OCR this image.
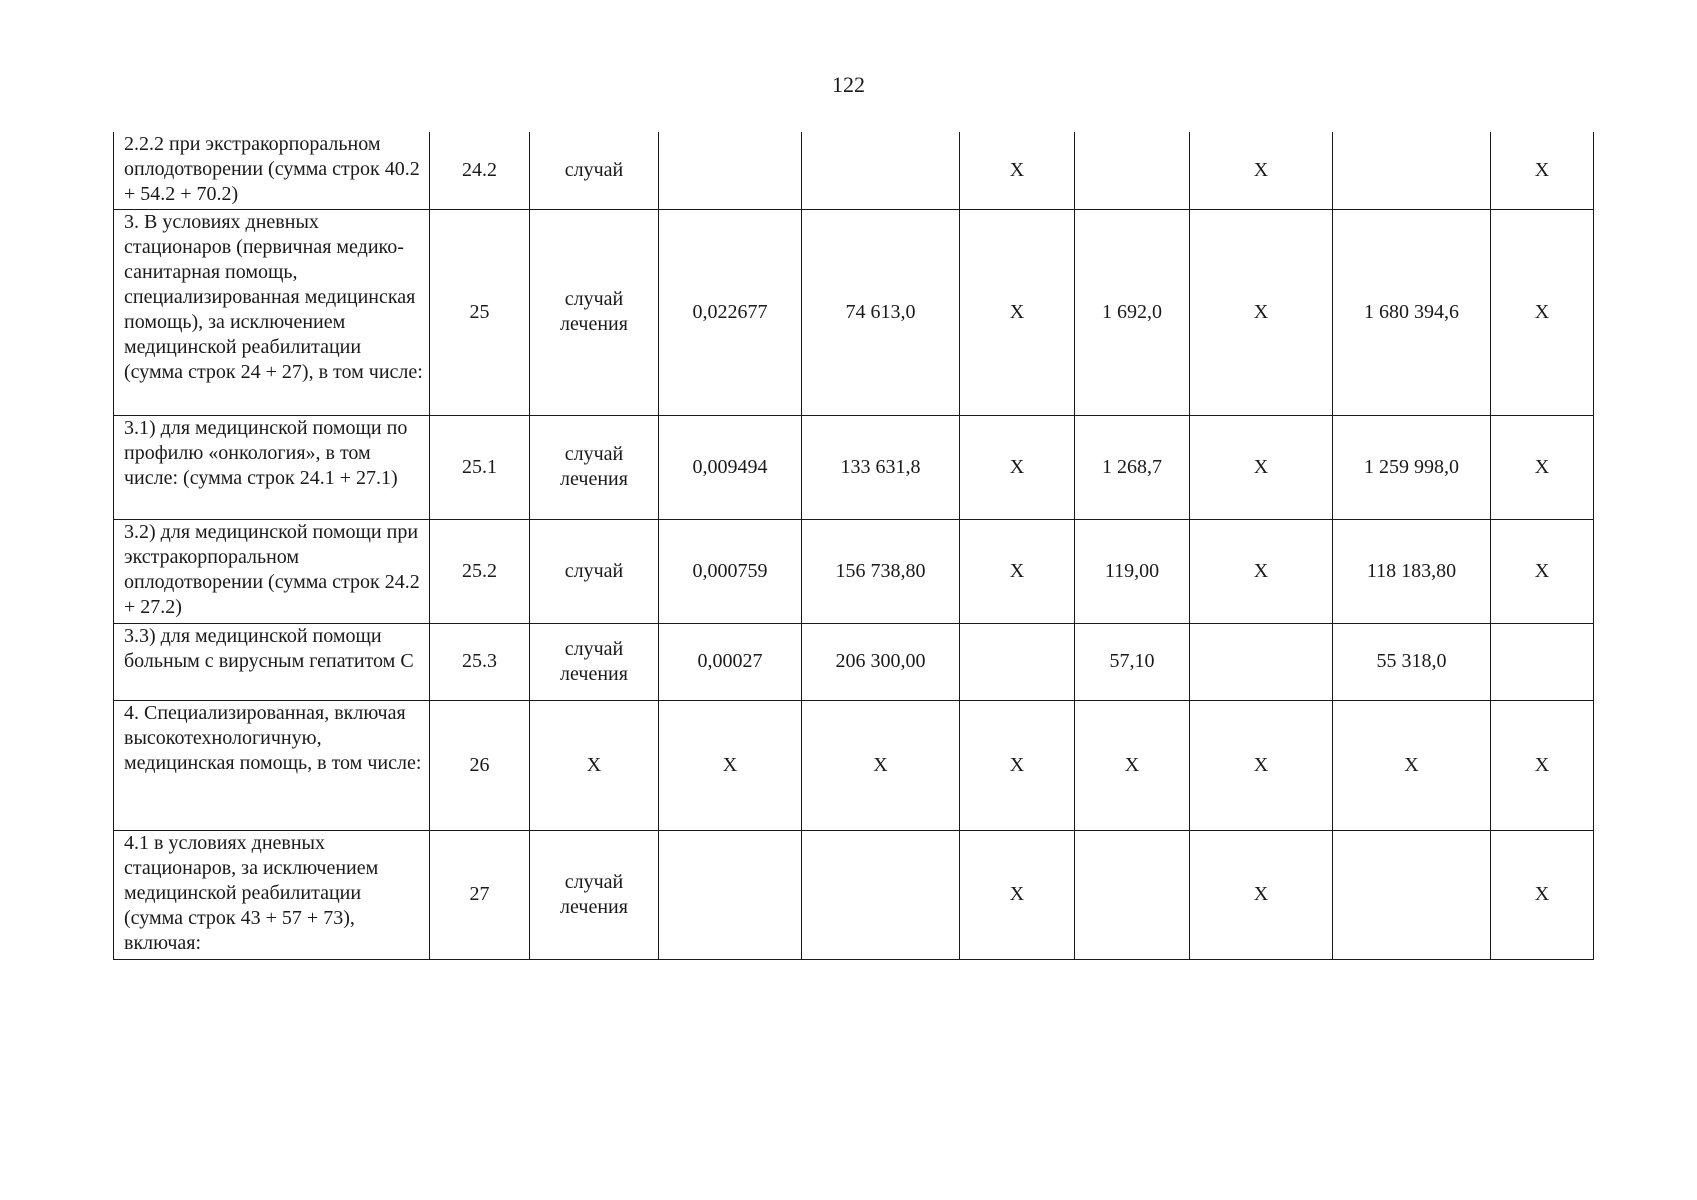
122
2.2.2 при экстракорпоральном оплодотворении (сумма строк 40.2 + 54.2 + 70.2)	24.2	случай			Х		Х		Х
3. В условиях дневных стационаров (первичная медико-санитарная помощь, специализированная медицинская помощь), за исключением медицинской реабилитации (сумма строк 24 + 27), в том числе:	25	случай лечения	0,022677	74 613,0	Х	1 692,0	Х	1 680 394,6	Х
3.1) для медицинской помощи по профилю «онкология», в том числе: (сумма строк 24.1 + 27.1)	25.1	случай лечения	0,009494	133 631,8	Х	1 268,7	Х	1 259 998,0	Х
3.2) для медицинской помощи при экстракорпоральном оплодотворении (сумма строк 24.2 + 27.2)	25.2	случай	0,000759	156 738,80	Х	119,00	Х	118 183,80	Х
3.3) для медицинской помощи больным с вирусным гепатитом С	25.3	случай лечения	0,00027	206 300,00		57,10		55 318,0	
4. Специализированная, включая высокотехнологичную, медицинская помощь, в том числе:	26	Х	Х	Х	Х	Х	Х	Х	Х
4.1 в условиях дневных стационаров, за исключением медицинской реабилитации (сумма строк 43 + 57 + 73), включая:	27	случай лечения			Х		Х		Х
